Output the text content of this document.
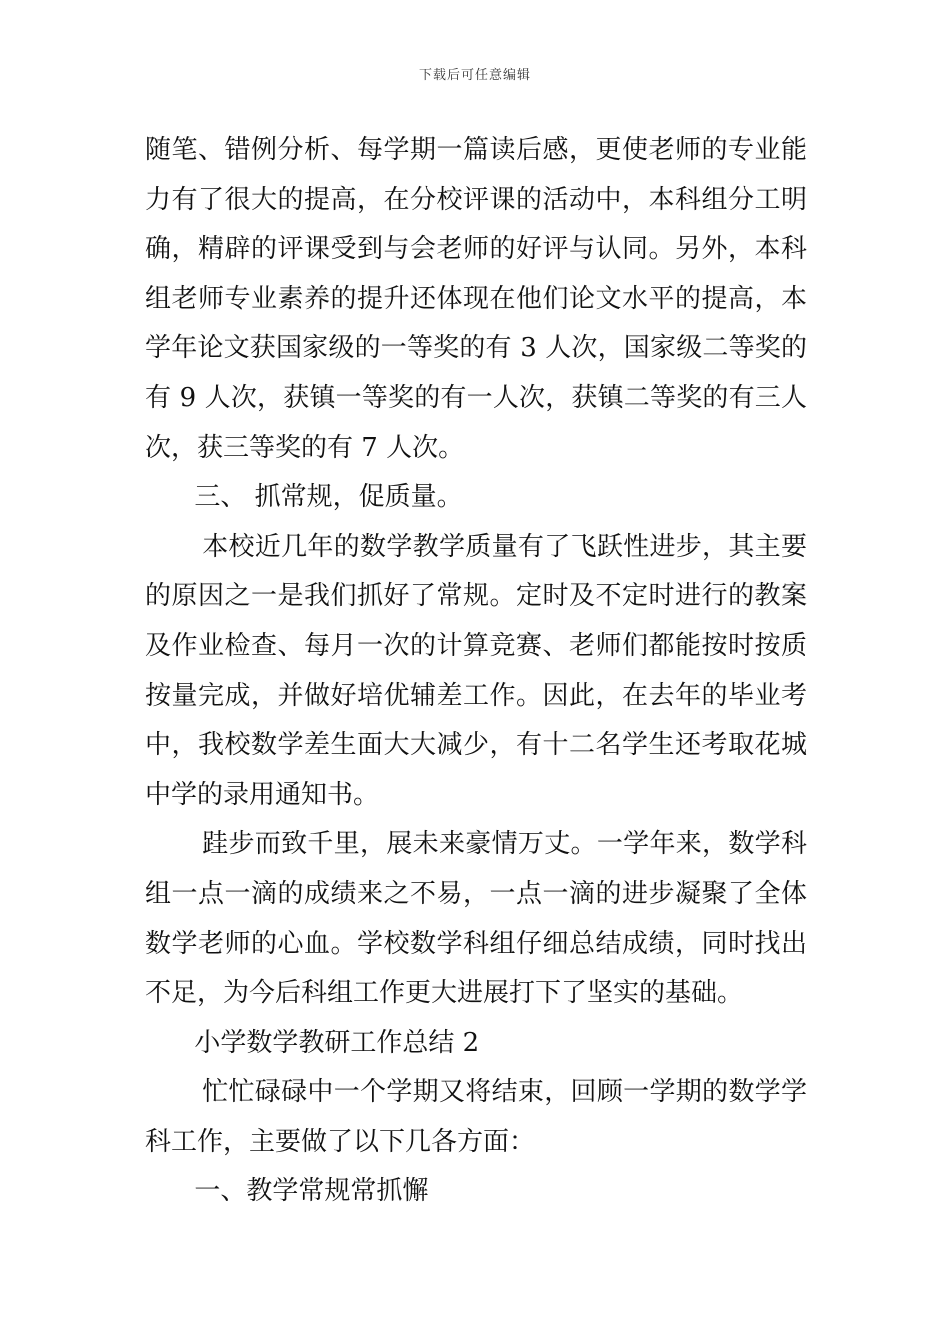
下载后可任意编辑

随笔、错例分析、每学期一篇读后感，更使老师的专业能力有了很大的提高，在分校评课的活动中，本科组分工明确，精辟的评课受到与会老师的好评与认同。另外，本科组老师专业素养的提升还体现在他们论文水平的提高，本学年论文获国家级的一等奖的有 3 人次，国家级二等奖的有 9 人次，获镇一等奖的有一人次，获镇二等奖的有三人次，获三等奖的有 7 人次。

三、 抓常规，促质量。

本校近几年的数学教学质量有了飞跃性进步，其主要的原因之一是我们抓好了常规。定时及不定时进行的教案及作业检查、每月一次的计算竞赛、老师们都能按时按质按量完成，并做好培优辅差工作。因此，在去年的毕业考中，我校数学差生面大大减少，有十二名学生还考取花城中学的录用通知书。

跬步而致千里，展未来豪情万丈。一学年来，数学科组一点一滴的成绩来之不易，一点一滴的进步凝聚了全体数学老师的心血。学校数学科组仔细总结成绩，同时找出不足，为今后科组工作更大进展打下了坚实的基础。

小学数学教研工作总结 2

忙忙碌碌中一个学期又将结束，回顾一学期的数学学科工作，主要做了以下几各方面：

一、教学常规常抓懈
